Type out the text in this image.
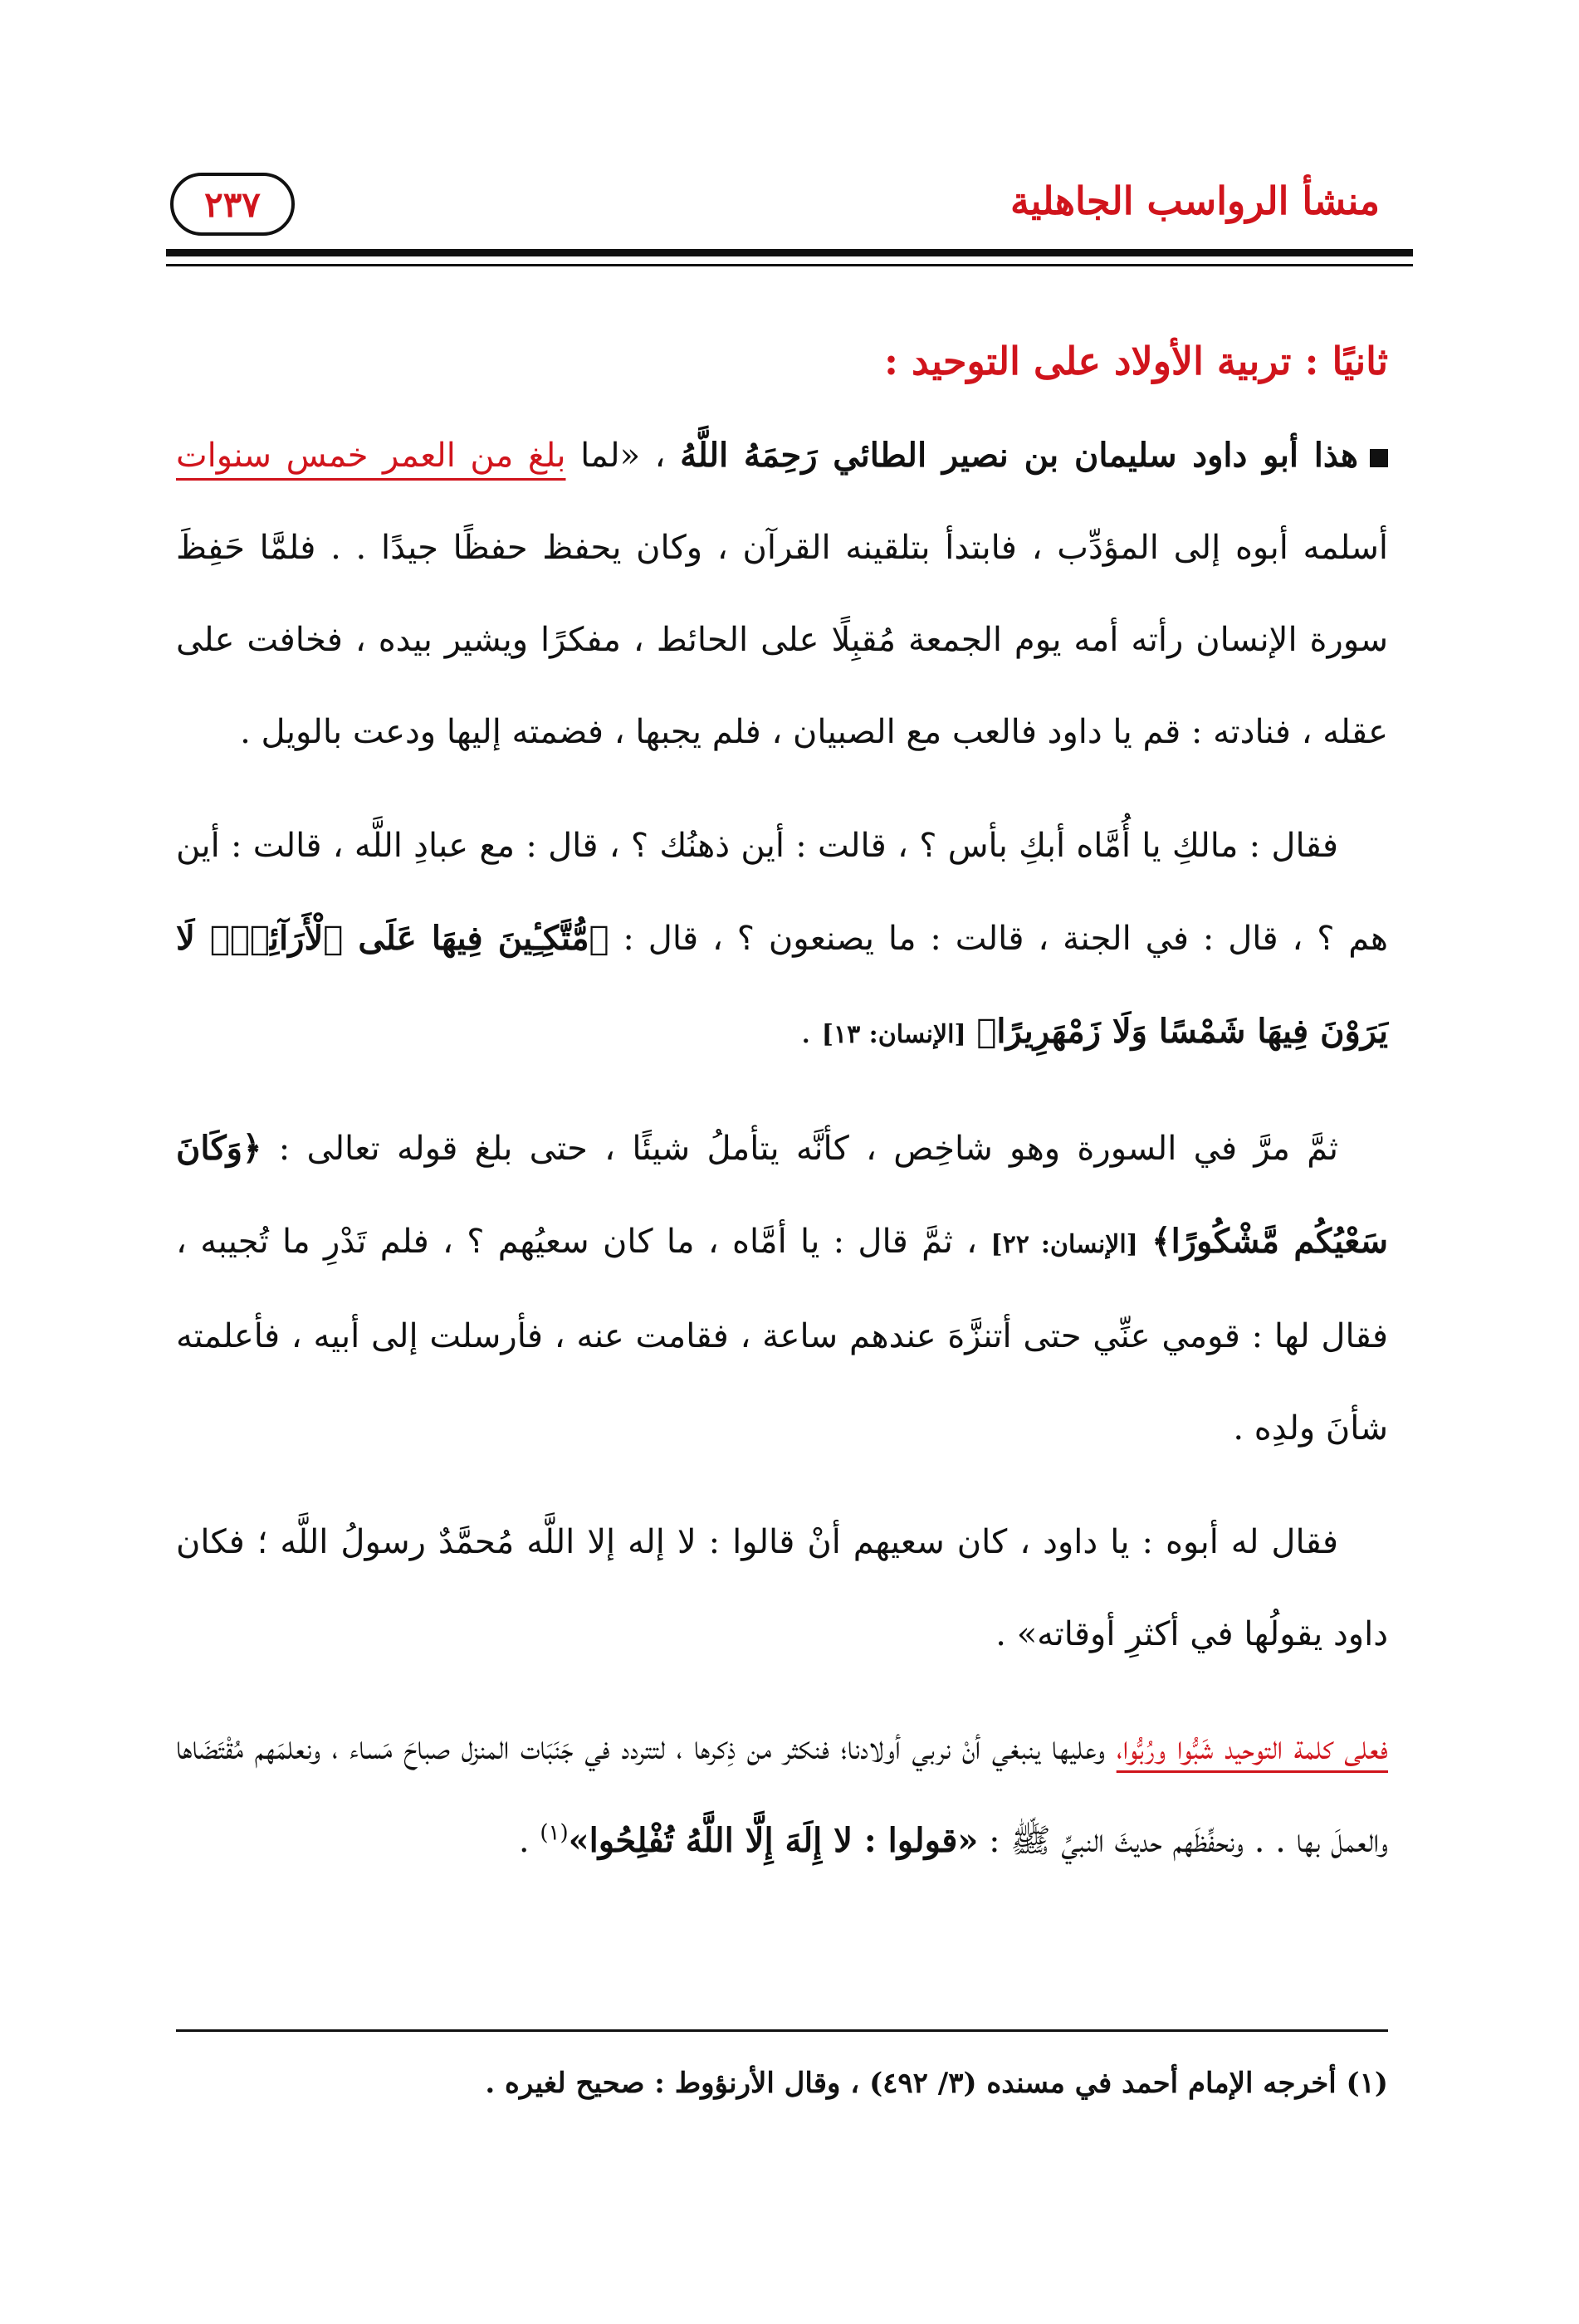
منشأ الرواسب الجاهلية
٢٣٧
ثانيًا : تربية الأولاد على التوحيد :

هذا أبو داود سليمان بن نصير الطائي رَحِمَهُ اللَّهُ ، «لما بلغ من العمر خمس سنوات أسلمه أبوه إلى المؤدِّب ، فابتدأ بتلقينه القرآن ، وكان يحفظ حفظًا جيدًا . . فلمَّا حَفِظَ سورة الإنسان رأته أمه يوم الجمعة مُقبِلًا على الحائط ، مفكرًا ويشير بيده ، فخافت على عقله ، فنادته : قم يا داود فالعب مع الصبيان ، فلم يجبها ، فضمته إليها ودعت بالويل .

فقال : مالكِ يا أُمَّاه أبكِ بأس ؟ ، قالت : أين ذهنُك ؟ ، قال : مع عبادِ اللَّه ، قالت : أين هم ؟ ، قال : في الجنة ، قالت : ما يصنعون ؟ ، قال : ﴿مُّتَّكِـِٔينَ فِيهَا عَلَى ٱلْأَرَآئِكِۖ لَا يَرَوْنَ فِيهَا شَمْسًا وَلَا زَمْهَرِيرًا﴾ [الإنسان: ١٣] .

ثمَّ مرَّ في السورة وهو شاخِص ، كأنَّه يتأملُ شيئًا ، حتى بلغ قوله تعالى : ﴿وَكَانَ سَعْيُكُم مَّشْكُورًا﴾ [الإنسان: ٢٢] ، ثمَّ قال : يا أمَّاه ، ما كان سعيُهم ؟ ، فلم تَدْرِ ما تُجيبه ، فقال لها : قومي عنِّي حتى أتنزَّهَ عندهم ساعة ، فقامت عنه ، فأرسلت إلى أبيه ، فأعلمته شأنَ ولدِه .

فقال له أبوه : يا داود ، كان سعيهم أنْ قالوا : لا إله إلا اللَّه مُحمَّدٌ رسولُ اللَّه ؛ فكان داود يقولُها في أكثرِ أوقاته» .

فعلى كلمة التوحيد شَبُّوا ورُبُّوا، وعليها ينبغي أنْ نربي أولادنا؛ فنكثر من ذِكرها ، لتتردد في جَنَبَات المنزل صباحَ مَساء ، ونعلمَهم مُقْتَضَاها والعملَ بها . . ونحفِّظَهم حديثَ النبيِّ ﷺ : «قولوا : لا إِلَهَ إِلَّا اللَّهُ تُفْلِحُوا»$^{(١)}$ .

(١) أخرجه الإمام أحمد في مسنده (٣/ ٤٩٢) ، وقال الأرنؤوط : صحيح لغيره .
